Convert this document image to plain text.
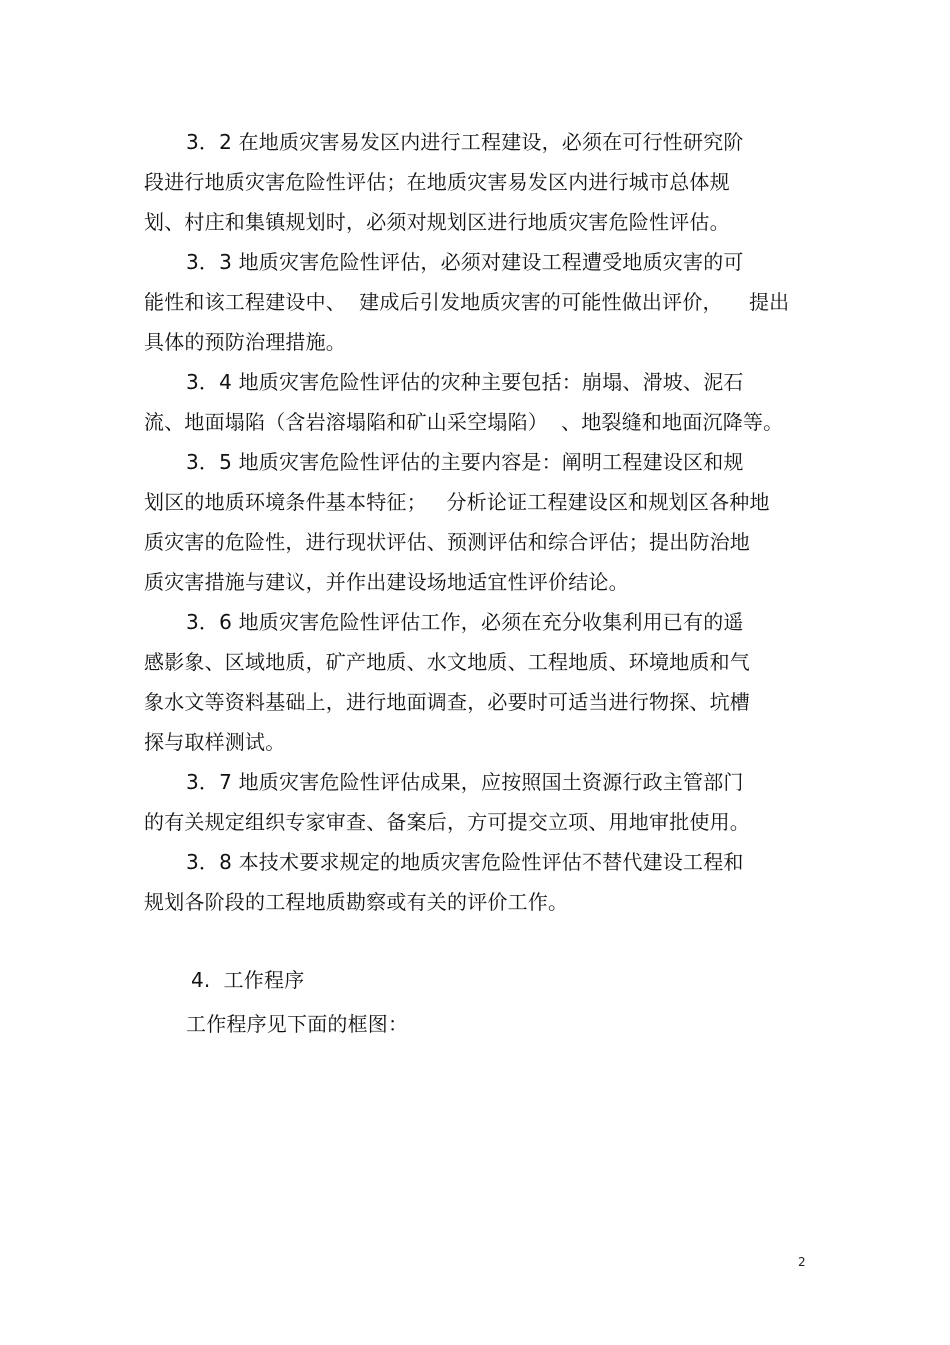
3．2 在地质灾害易发区内进行工程建设，必须在可行性研究阶
段进行地质灾害危险性评估；在地质灾害易发区内进行城市总体规
划、村庄和集镇规划时，必须对规划区进行地质灾害危险性评估。
3．3 地质灾害危险性评估，必须对建设工程遭受地质灾害的可
能性和该工程建设中、  建成后引发地质灾害的可能性做出评价，    提出
具体的预防治理措施。
3．4 地质灾害危险性评估的灾种主要包括：崩塌、滑坡、泥石
流、地面塌陷（含岩溶塌陷和矿山采空塌陷）  、地裂缝和地面沉降等。
3．5 地质灾害危险性评估的主要内容是：阐明工程建设区和规
划区的地质环境条件基本特征；   分析论证工程建设区和规划区各种地
质灾害的危险性，进行现状评估、预测评估和综合评估；提出防治地
质灾害措施与建议，并作出建设场地适宜性评价结论。
3．6 地质灾害危险性评估工作，必须在充分收集利用已有的遥
感影象、区域地质，矿产地质、水文地质、工程地质、环境地质和气
象水文等资料基础上，进行地面调查，必要时可适当进行物探、坑槽
探与取样测试。
3．7 地质灾害危险性评估成果，应按照国土资源行政主管部门
的有关规定组织专家审查、备案后，方可提交立项、用地审批使用。
3．8 本技术要求规定的地质灾害危险性评估不替代建设工程和
规划各阶段的工程地质勘察或有关的评价工作。
4.  工作程序
工作程序见下面的框图：
2
